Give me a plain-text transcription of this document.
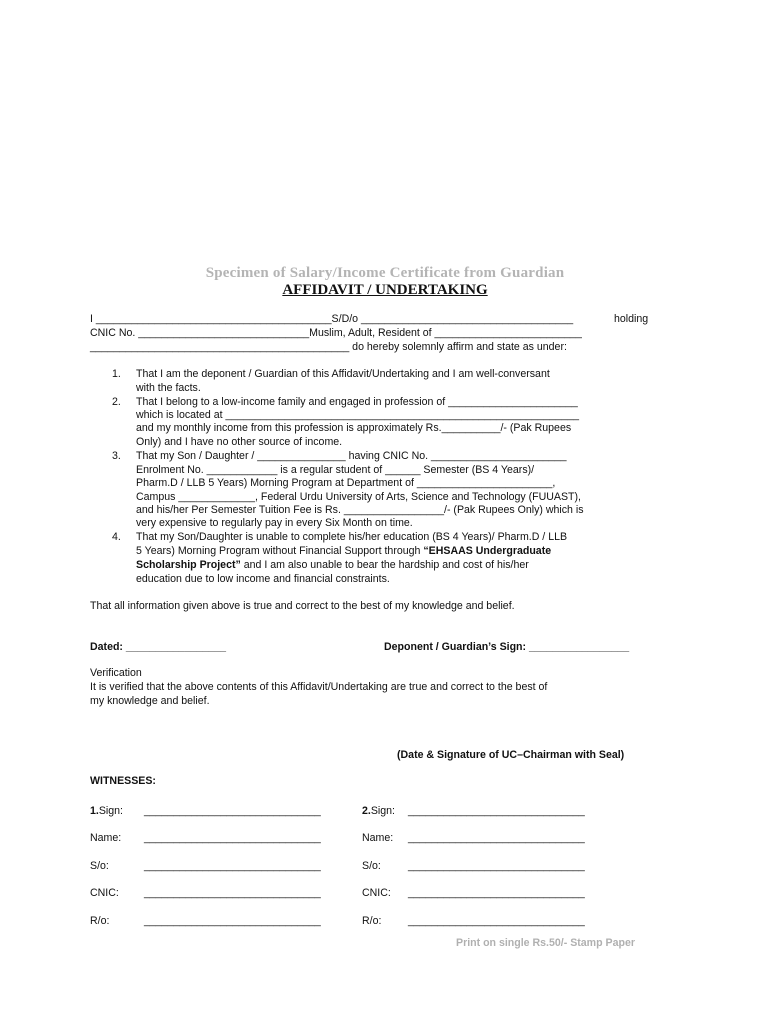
Specimen of Salary/Income Certificate from Guardian
AFFIDAVIT / UNDERTAKING
I ________________________________________S/D/o ____________________________________	holding
CNIC No. _____________________________Muslim, Adult, Resident of _________________________
____________________________________________ do hereby solemnly affirm and state as under:
1. That I am the deponent / Guardian of this Affidavit/Undertaking and I am well-conversant
with the facts.
2. That I belong to a low-income family and engaged in profession of ______________________
which is located at ____________________________________________________________
and my monthly income from this profession is approximately Rs.__________/- (Pak Rupees
Only) and I have no other source of income.
3. That my Son / Daughter / _______________ having CNIC No. _______________________
Enrolment No. ____________ is a regular student of ______ Semester (BS 4 Years)/
Pharm.D / LLB 5 Years) Morning Program at Department of _______________________,
Campus _____________, Federal Urdu University of Arts, Science and Technology (FUUAST),
and his/her Per Semester Tuition Fee is Rs. _________________/- (Pak Rupees Only) which is
very expensive to regularly pay in every Six Month on time.
4. That my Son/Daughter is unable to complete his/her education (BS 4 Years)/ Pharm.D / LLB
5 Years) Morning Program without Financial Support through “EHSAAS Undergraduate
Scholarship Project” and I am also unable to bear the hardship and cost of his/her
education due to low income and financial constraints.
That all information given above is true and correct to the best of my knowledge and belief.
Dated: _________________	Deponent / Guardian’s Sign: _________________
Verification
It is verified that the above contents of this Affidavit/Undertaking are true and correct to the best of
my knowledge and belief.
(Date & Signature of UC–Chairman with Seal)
WITNESSES:
1.Sign: ______________________________
Name: ______________________________
S/o:	______________________________
CNIC: ______________________________
R/o:	______________________________
2.Sign: ______________________________
Name: ______________________________
S/o:	______________________________
CNIC: ______________________________
R/o:	______________________________
Print on single Rs.50/- Stamp Paper
